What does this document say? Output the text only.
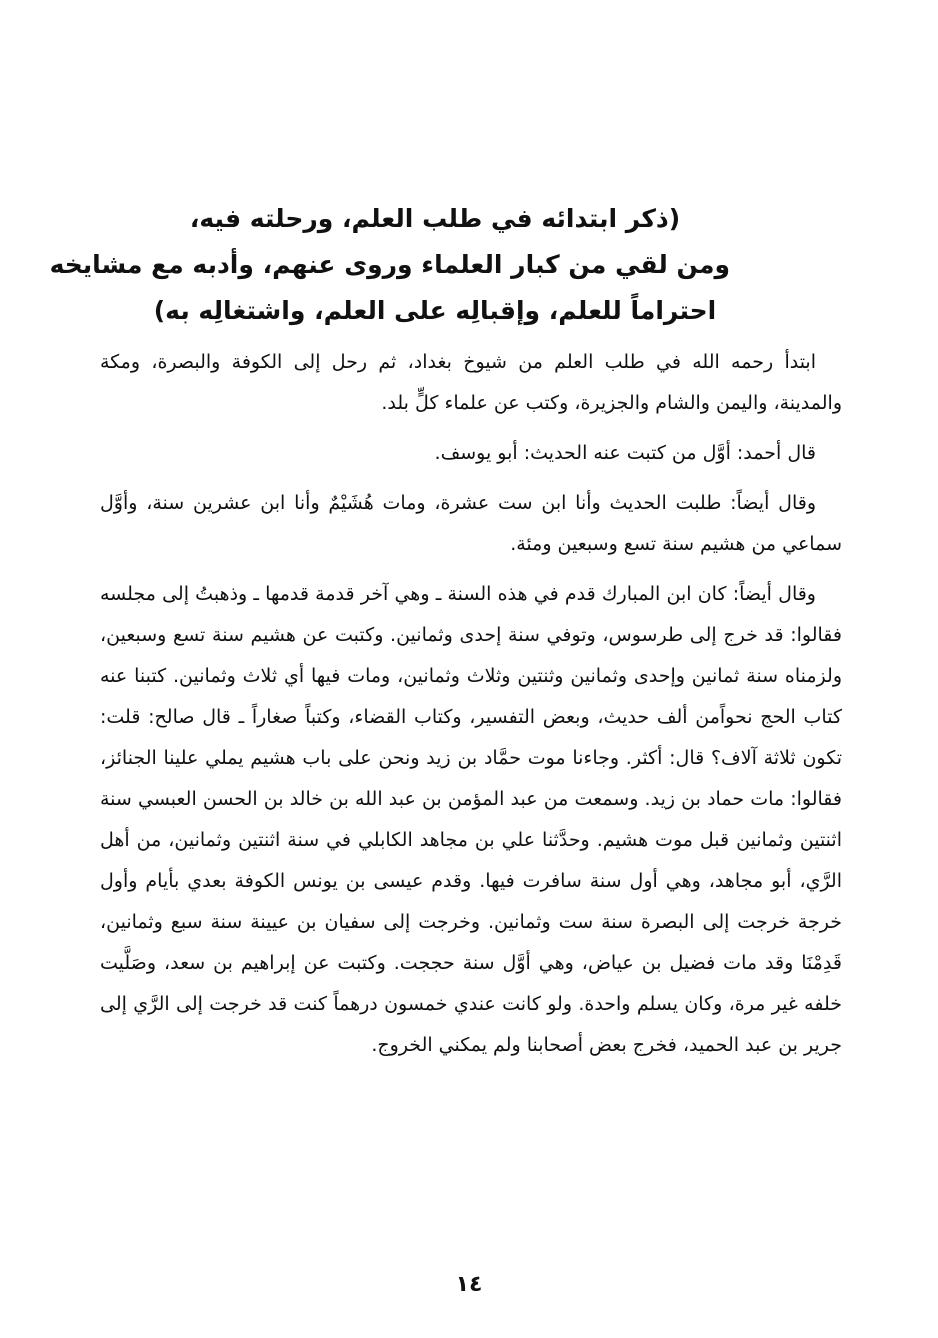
(ذكر ابتدائه في طلب العلم، ورحلته فيه،
ومن لقي من كبار العلماء وروى عنهم، وأدبه مع مشايخه
احتراماً للعلم، وإقبالِه على العلم، واشتغالِه به)

ابتدأ رحمه الله في طلب العلم من شيوخ بغداد، ثم رحل إلى الكوفة والبصرة، ومكة والمدينة، واليمن والشام والجزيرة، وكتب عن علماء كلٍّ بلد.

قال أحمد: أوَّل من كتبت عنه الحديث: أبو يوسف.

وقال أيضاً: طلبت الحديث وأنا ابن ست عشرة، ومات هُشَيْمٌ وأنا ابن عشرين سنة، وأوَّل سماعي من هشيم سنة تسع وسبعين ومئة.

وقال أيضاً: كان ابن المبارك قدم في هذه السنة ـ وهي آخر قدمة قدمها ـ وذهبتُ إلى مجلسه فقالوا: قد خرج إلى طرسوس، وتوفي سنة إحدى وثمانين. وكتبت عن هشيم سنة تسع وسبعين، ولزمناه سنة ثمانين وإحدى وثمانين وثنتين وثلاث وثمانين، ومات فيها أي ثلاث وثمانين. كتبنا عنه كتاب الحج نحواًمن ألف حديث، وبعض التفسير، وكتاب القضاء، وكتباً صغاراً ـ قال صالح: قلت: تكون ثلاثة آلاف؟ قال: أكثر. وجاءنا موت حمَّاد بن زيد ونحن على باب هشيم يملي علينا الجنائز، فقالوا: مات حماد بن زيد. وسمعت من عبد المؤمن بن عبد الله بن خالد بن الحسن العبسي سنة اثنتين وثمانين قبل موت هشيم. وحدَّثنا علي بن مجاهد الكابلي في سنة اثنتين وثمانين، من أهل الرَّي، أبو مجاهد، وهي أول سنة سافرت فيها. وقدم عيسى بن يونس الكوفة بعدي بأيام وأول خرجة خرجت إلى البصرة سنة ست وثمانين. وخرجت إلى سفيان بن عيينة سنة سبع وثمانين، قَدِمْنَا وقد مات فضيل بن عياض، وهي أوَّل سنة حججت. وكتبت عن إبراهيم بن سعد، وصَلَّيت خلفه غير مرة، وكان يسلم واحدة. ولو كانت عندي خمسون درهماً كنت قد خرجت إلى الرَّي إلى جرير بن عبد الحميد، فخرج بعض أصحابنا ولم يمكني الخروج.

١٤
